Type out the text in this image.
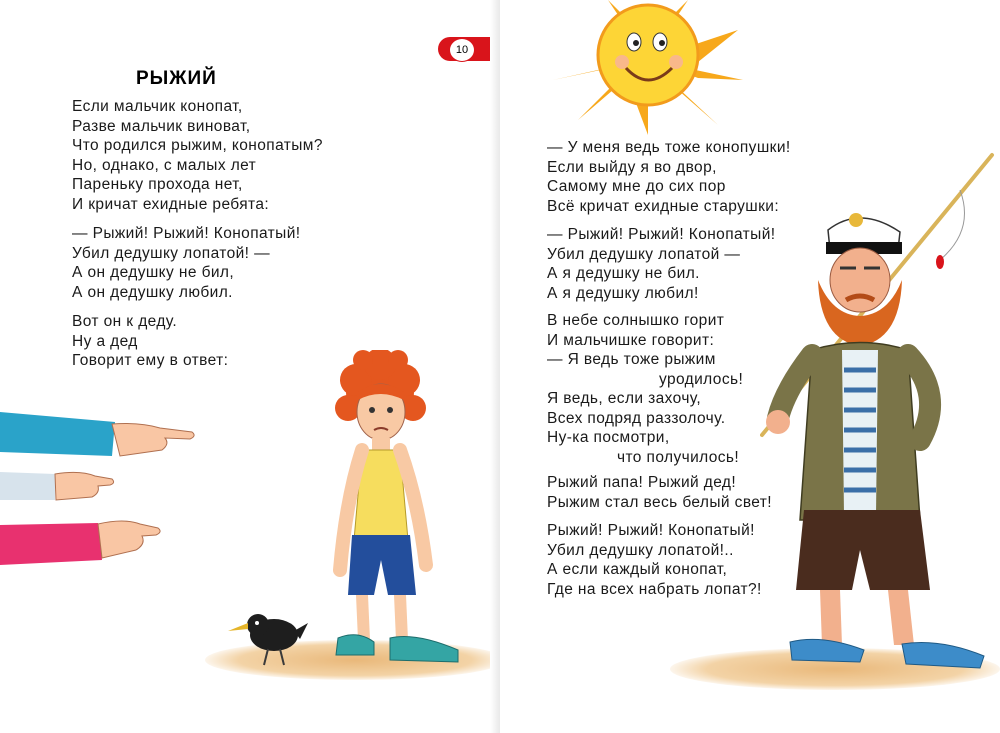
10
РЫЖИЙ
Если мальчик конопат,
Разве мальчик виноват,
Что родился рыжим, конопатым?
Но, однако, с малых лет
Пареньку прохода нет,
И кричат ехидные ребята:
— Рыжий! Рыжий! Конопатый!
Убил дедушку лопатой! —
А он дедушку не бил,
А он дедушку любил.
Вот он к деду.
Ну а дед
Говорит ему в ответ:
— У меня ведь тоже конопушки!
Если выйду я во двор,
Самому мне до сих пор
Всё кричат ехидные старушки:
— Рыжий! Рыжий! Конопатый!
Убил дедушку лопатой —
А я дедушку не бил.
А я дедушку любил!
В небе солнышко горит
И мальчишке говорит:
— Я ведь тоже рыжим
уродилось!
Я ведь, если захочу,
Всех подряд раззолочу.
Ну-ка посмотри,
что получилось!
Рыжий папа! Рыжий дед!
Рыжим стал весь белый свет!
Рыжий! Рыжий! Конопатый!
Убил дедушку лопатой!..
А если каждый конопат,
Где на всех набрать лопат?!
